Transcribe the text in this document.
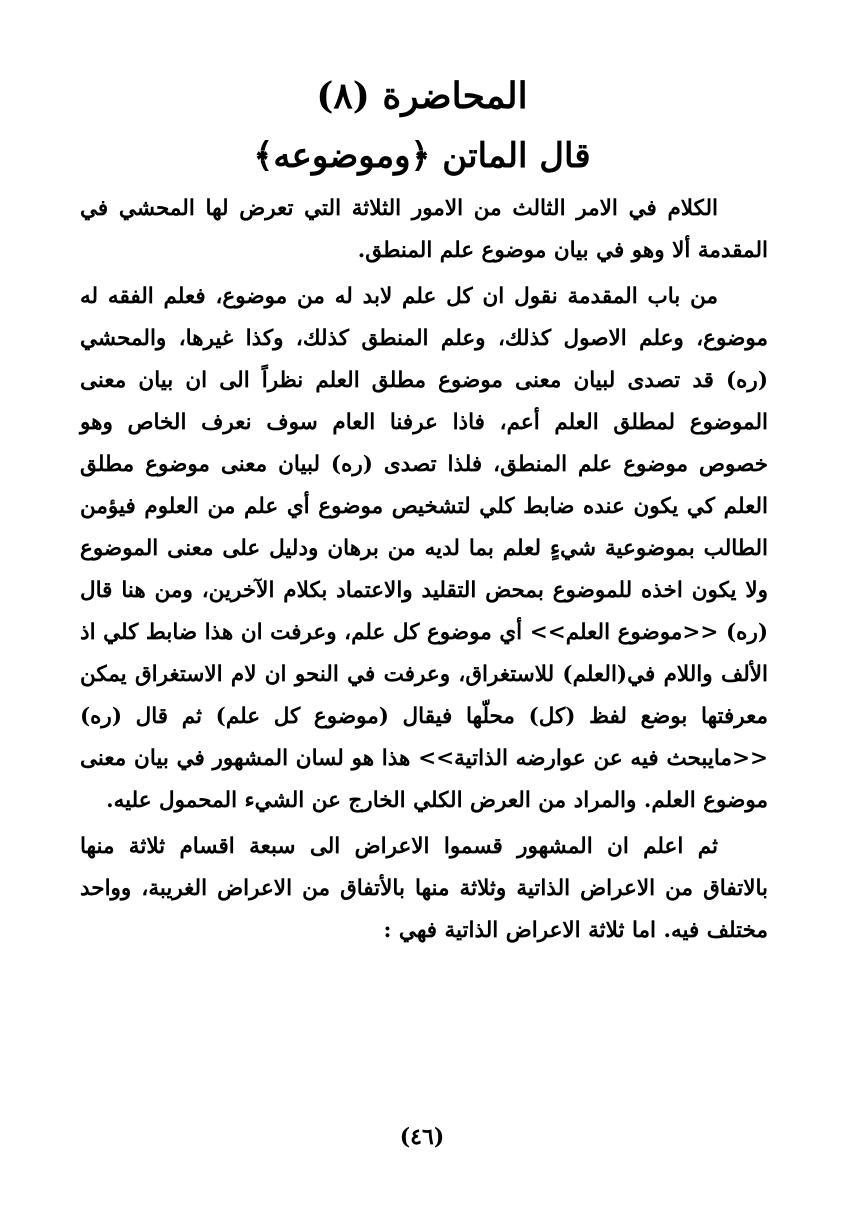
المحاضرة (٨)
قال الماتن ﴿وموضوعه﴾

الكلام في الامر الثالث من الامور الثلاثة التي تعرض لها المحشي في المقدمة ألا وهو في بيان موضوع علم المنطق.

من باب المقدمة نقول ان كل علم لابد له من موضوع، فعلم الفقه له موضوع، وعلم الاصول كذلك، وعلم المنطق كذلك، وكذا غيرها، والمحشي (ره) قد تصدى لبيان معنى موضوع مطلق العلم نظراً الى ان بيان معنى الموضوع لمطلق العلم أعم، فاذا عرفنا العام سوف نعرف الخاص وهو خصوص موضوع علم المنطق، فلذا تصدى (ره) لبيان معنى موضوع مطلق العلم كي يكون عنده ضابط كلي لتشخيص موضوع أي علم من العلوم فيؤمن الطالب بموضوعية شيءٍ لعلم بما لديه من برهان ودليل على معنى الموضوع ولا يكون اخذه للموضوع بمحض التقليد والاعتماد بكلام الآخرين، ومن هنا قال (ره) <<موضوع العلم>> أي موضوع كل علم، وعرفت ان هذا ضابط كلي اذ الألف واللام في(العلم) للاستغراق، وعرفت في النحو ان لام الاستغراق يمكن معرفتها بوضع لفظ (كل) محلّها فيقال (موضوع كل علم) ثم قال (ره) <<مايبحث فيه عن عوارضه الذاتية>> هذا هو لسان المشهور في بيان معنى موضوع العلم. والمراد من العرض الكلي الخارج عن الشيء المحمول عليه.

ثم اعلم ان المشهور قسموا الاعراض الى سبعة اقسام ثلاثة منها بالاتفاق من الاعراض الذاتية وثلاثة منها بالأتفاق من الاعراض الغريبة، وواحد مختلف فيه. اما ثلاثة الاعراض الذاتية فهي :

(٤٦)
